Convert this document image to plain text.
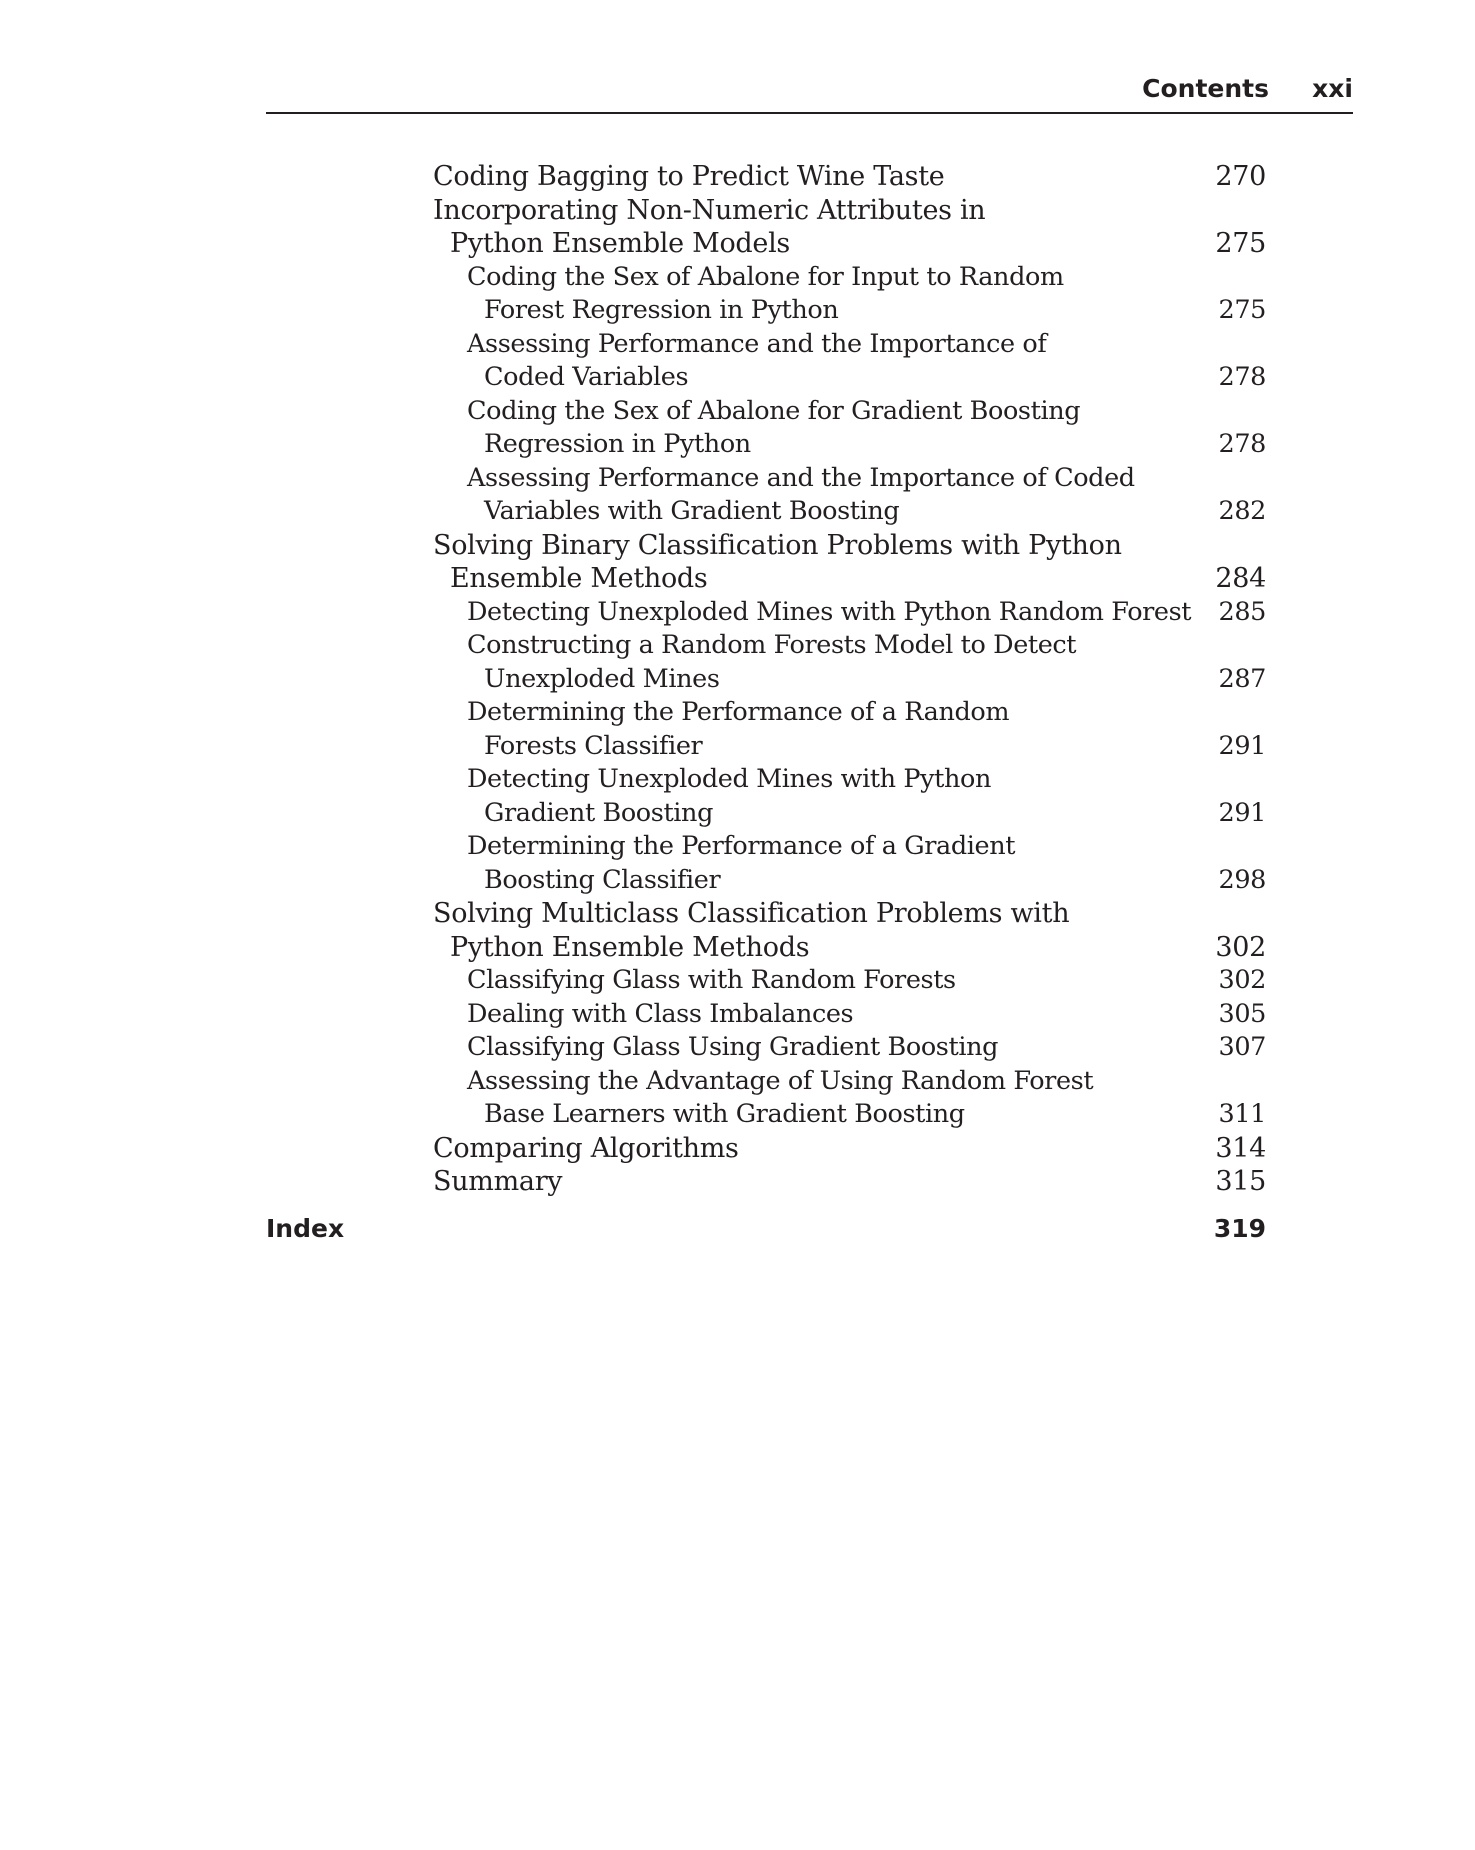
Contents xxi
Coding Bagging to Predict Wine Taste	270
Incorporating Non-Numeric Attributes in
Python Ensemble Models	275
Coding the Sex of Abalone for Input to Random
Forest Regression in Python	275
Assessing Performance and the Importance of
Coded Variables	278
Coding the Sex of Abalone for Gradient Boosting
Regression in Python	278
Assessing Performance and the Importance of Coded
Variables with Gradient Boosting	282
Solving Binary Classification Problems with Python
Ensemble Methods	284
Detecting Unexploded Mines with Python Random Forest 285
Constructing a Random Forests Model to Detect
Unexploded Mines	287
Determining the Performance of a Random
Forests Classifier	291
Detecting Unexploded Mines with Python
Gradient Boosting	291
Determining the Performance of a Gradient
Boosting Classifier	298
Solving Multiclass Classification Problems with
Python Ensemble Methods	302
Classifying Glass with Random Forests	302
Dealing with Class Imbalances	305
Classifying Glass Using Gradient Boosting	307
Assessing the Advantage of Using Random Forest
Base Learners with Gradient Boosting	311
Comparing Algorithms	314
Summary	315
Index	319
